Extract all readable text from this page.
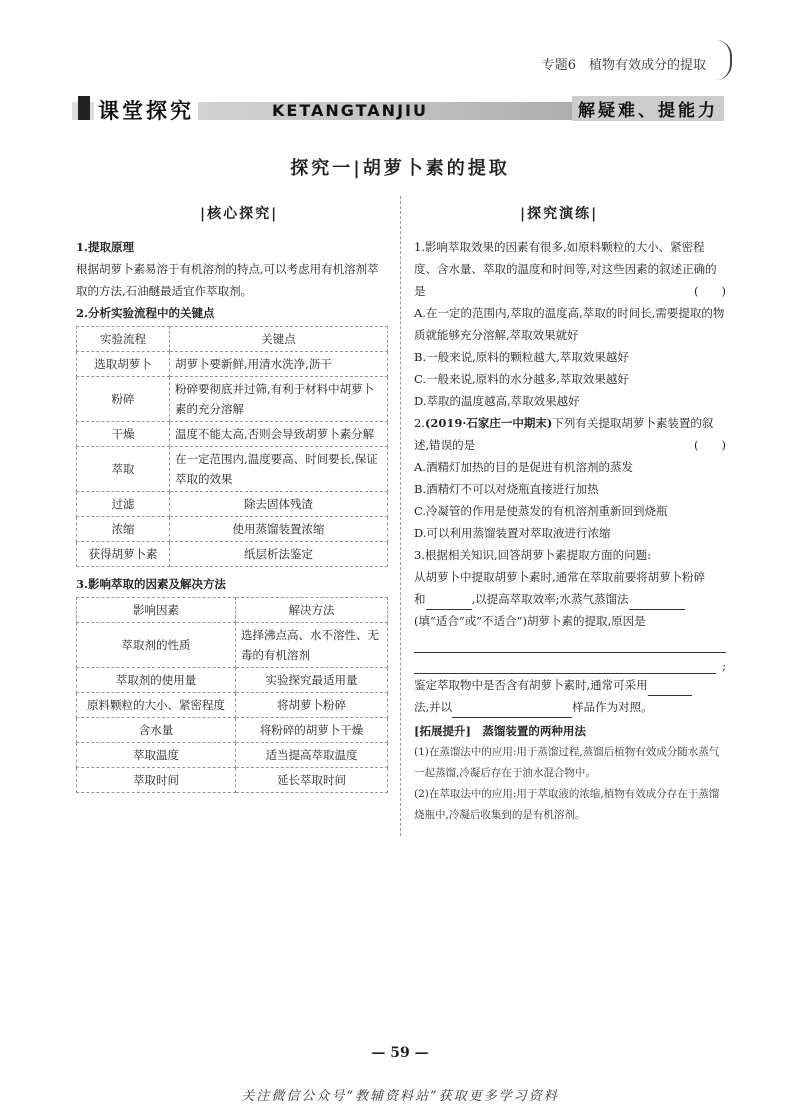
专题6　植物有效成分的提取
课堂探究	KETANGTANJIU	解疑难、提能力
探究一|胡萝卜素的提取
|核心探究|	|探究演练|
1.提取原理
根据胡萝卜素易溶于有机溶剂的特点,可以考虑用有机溶剂萃取的方法,石油醚最适宜作萃取剂。
2.分析实验流程中的关键点
实验流程	关键点
选取胡萝卜	胡萝卜要新鲜,用清水洗净,沥干
粉碎	粉碎要彻底并过筛,有利于材料中胡萝卜素的充分溶解
干燥	温度不能太高,否则会导致胡萝卜素分解
萃取	在一定范围内,温度要高、时间要长,保证萃取的效果
过滤	除去固体残渣
浓缩	使用蒸馏装置浓缩
获得胡萝卜素	纸层析法鉴定
3.影响萃取的因素及解决方法
影响因素	解决方法
萃取剂的性质	选择沸点高、水不溶性、无毒的有机溶剂
萃取剂的使用量	实验探究最适用量
原料颗粒的大小、紧密程度	将胡萝卜粉碎
含水量	将粉碎的胡萝卜干燥
萃取温度	适当提高萃取温度
萃取时间	延长萃取时间
1.影响萃取效果的因素有很多,如原料颗粒的大小、紧密程度、含水量、萃取的温度和时间等,对这些因素的叙述正确的是	(　　)
A.在一定的范围内,萃取的温度高,萃取的时间长,需要提取的物质就能够充分溶解,萃取效果就好
B.一般来说,原料的颗粒越大,萃取效果越好
C.一般来说,原料的水分越多,萃取效果越好
D.萃取的温度越高,萃取效果越好
2.(2019·石家庄一中期末)下列有关提取胡萝卜素装置的叙述,错误的是	(　　)
A.酒精灯加热的目的是促进有机溶剂的蒸发
B.酒精灯不可以对烧瓶直接进行加热
C.冷凝管的作用是使蒸发的有机溶剂重新回到烧瓶
D.可以利用蒸馏装置对萃取液进行浓缩
3.根据相关知识,回答胡萝卜素提取方面的问题:
从胡萝卜中提取胡萝卜素时,通常在萃取前要将胡萝卜粉碎
和	,以提高萃取效率;水蒸气蒸馏法
(填“适合”或“不适合”)胡萝卜素的提取,原因是
;
鉴定萃取物中是否含有胡萝卜素时,通常可采用
法,并以	样品作为对照。
[拓展提升]　蒸馏装置的两种用法
(1)在蒸馏法中的应用:用于蒸馏过程,蒸馏后植物有效成分随水蒸气一起蒸馏,冷凝后存在于油水混合物中。
(2)在萃取法中的应用:用于萃取液的浓缩,植物有效成分存在于蒸馏烧瓶中,冷凝后收集到的是有机溶剂。
— 59 —
关注微信公众号“教辅资料站”获取更多学习资料
